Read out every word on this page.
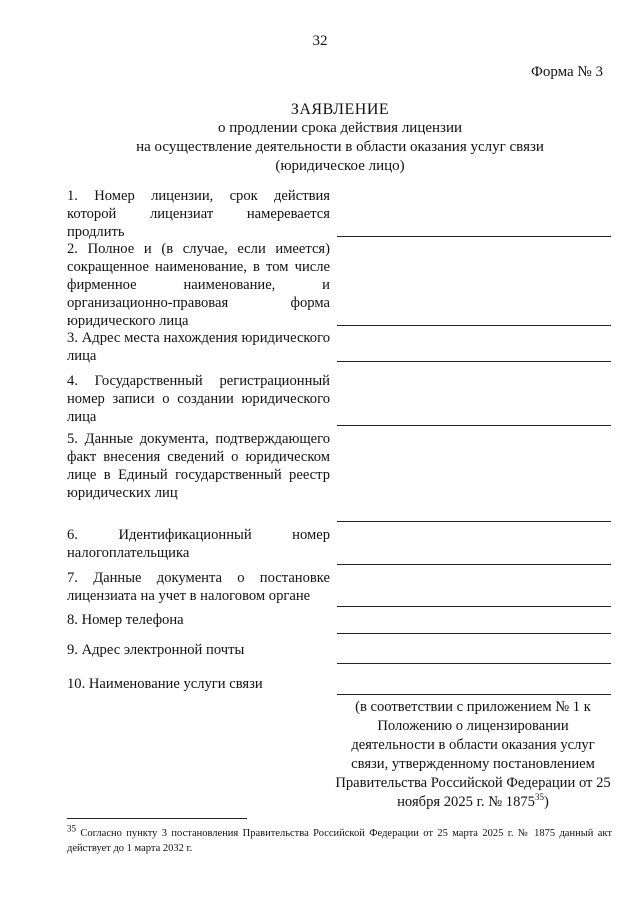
32
Форма № 3
ЗАЯВЛЕНИЕ
о продлении срока действия лицензии
на осуществление деятельности в области оказания услуг связи
(юридическое лицо)
1. Номер лицензии, срок действия которой лицензиат намеревается продлить
2. Полное и (в случае, если имеется) сокращенное наименование, в том числе фирменное наименование, и организационно-правовая форма юридического лица
3. Адрес места нахождения юридического лица
4. Государственный регистрационный номер записи о создании юридического лица
5. Данные документа, подтверждающего факт внесения сведений о юридическом лице в Единый государственный реестр юридических лиц
6. Идентификационный номер налогоплательщика
7. Данные документа о постановке лицензиата на учет в налоговом органе
8. Номер телефона
9. Адрес электронной почты
10. Наименование услуги связи
(в соответствии с приложением № 1 к Положению о лицензировании деятельности в области оказания услуг связи, утвержденному постановлением Правительства Российской Федерации от 25 ноября 2025 г. № 1875$^{35}$)
35 Согласно пункту 3 постановления Правительства Российской Федерации от 25 марта 2025 г. № 1875 данный акт действует до 1 марта 2032 г.
